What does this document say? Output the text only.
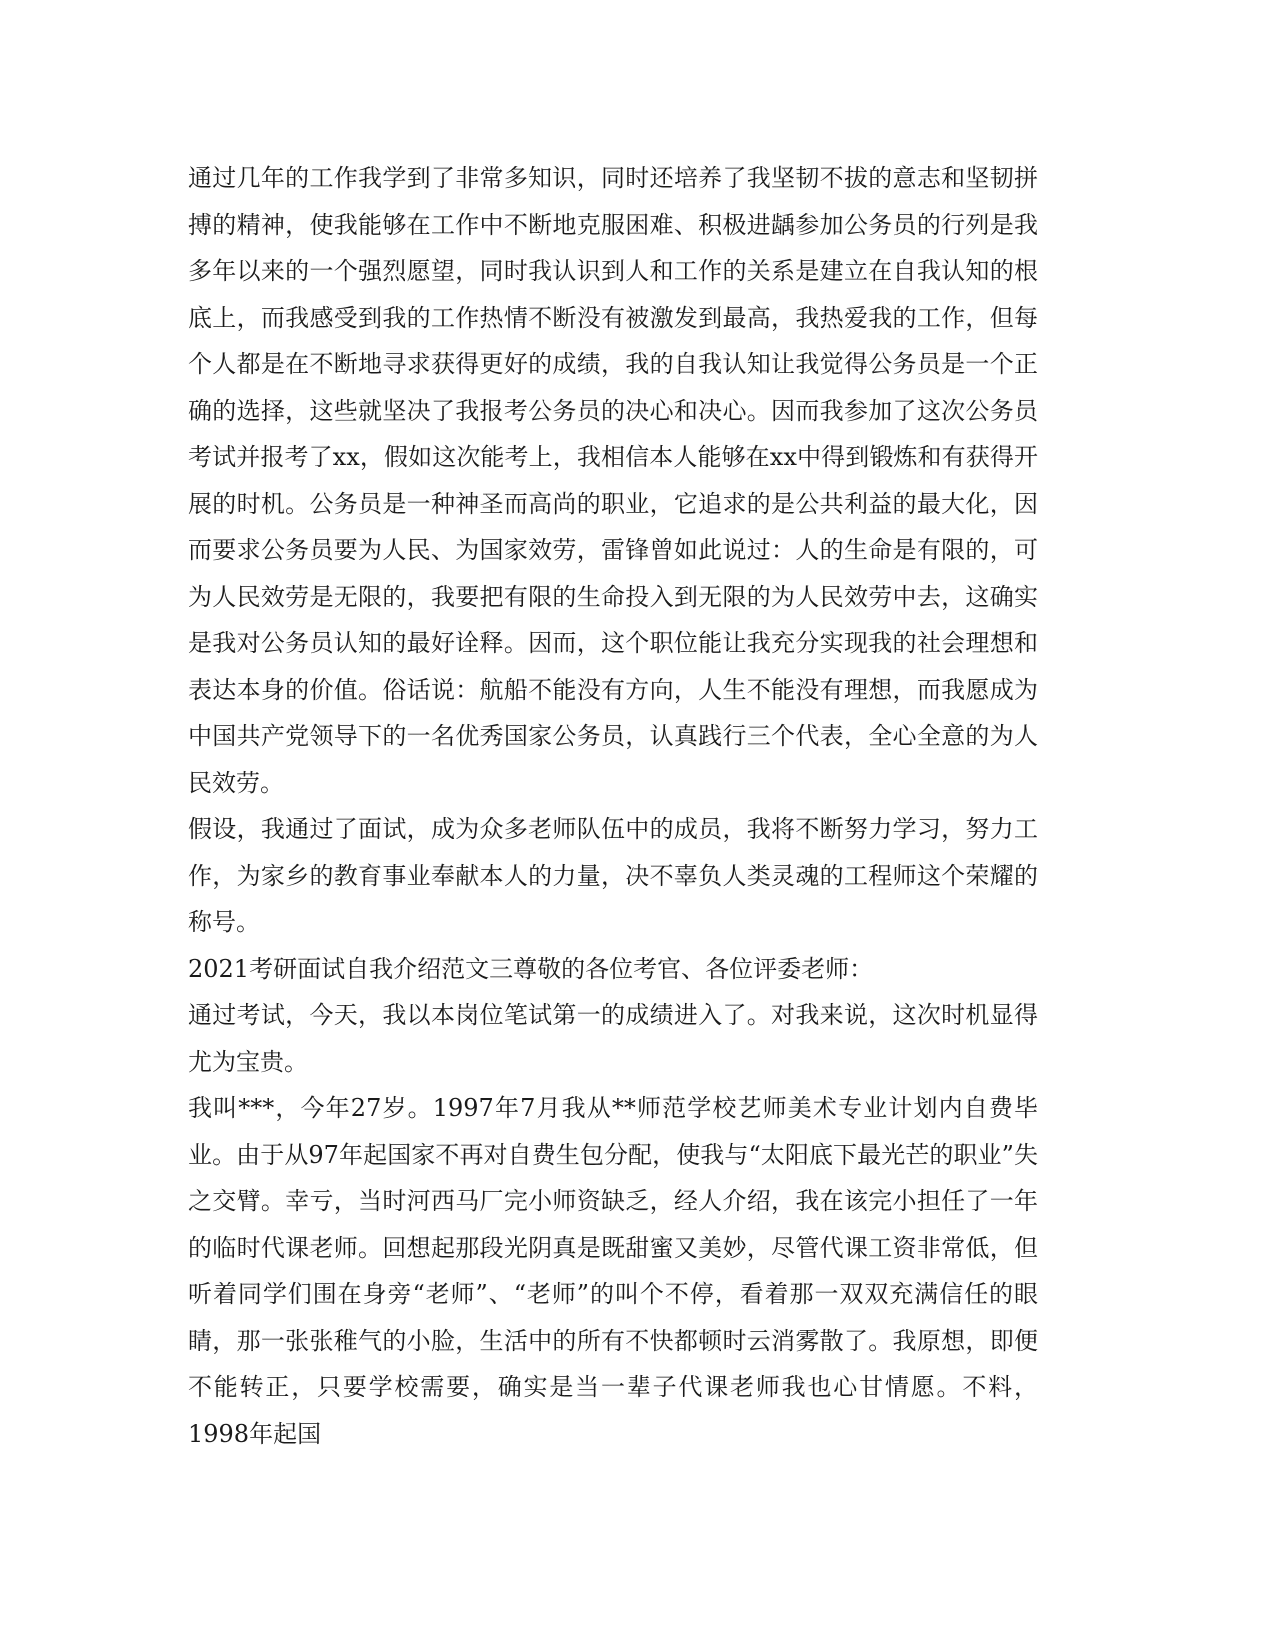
通过几年的工作我学到了非常多知识，同时还培养了我坚韧不拔的意志和坚韧拼搏的精神，使我能够在工作中不断地克服困难、积极进龋参加公务员的行列是我多年以来的一个强烈愿望，同时我认识到人和工作的关系是建立在自我认知的根底上，而我感受到我的工作热情不断没有被激发到最高，我热爱我的工作，但每个人都是在不断地寻求获得更好的成绩，我的自我认知让我觉得公务员是一个正确的选择，这些就坚决了我报考公务员的决心和决心。因而我参加了这次公务员考试并报考了xx，假如这次能考上，我相信本人能够在xx中得到锻炼和有获得开展的时机。公务员是一种神圣而高尚的职业，它追求的是公共利益的最大化，因而要求公务员要为人民、为国家效劳，雷锋曾如此说过：人的生命是有限的，可为人民效劳是无限的，我要把有限的生命投入到无限的为人民效劳中去，这确实是我对公务员认知的最好诠释。因而，这个职位能让我充分实现我的社会理想和表达本身的价值。俗话说：航船不能没有方向，人生不能没有理想，而我愿成为中国共产党领导下的一名优秀国家公务员，认真践行三个代表，全心全意的为人民效劳。

假设，我通过了面试，成为众多老师队伍中的成员，我将不断努力学习，努力工作，为家乡的教育事业奉献本人的力量，决不辜负人类灵魂的工程师这个荣耀的称号。

2021考研面试自我介绍范文三尊敬的各位考官、各位评委老师：

通过考试，今天，我以本岗位笔试第一的成绩进入了。对我来说，这次时机显得尤为宝贵。

我叫***，今年27岁。1997年7月我从**师范学校艺师美术专业计划内自费毕业。由于从97年起国家不再对自费生包分配，使我与“太阳底下最光芒的职业”失之交臂。幸亏，当时河西马厂完小师资缺乏，经人介绍，我在该完小担任了一年的临时代课老师。回想起那段光阴真是既甜蜜又美妙，尽管代课工资非常低，但听着同学们围在身旁“老师”、“老师”的叫个不停，看着那一双双充满信任的眼睛，那一张张稚气的小脸，生活中的所有不快都顿时云消雾散了。我原想，即便不能转正，只要学校需要，确实是当一辈子代课老师我也心甘情愿。不料，1998年起国
